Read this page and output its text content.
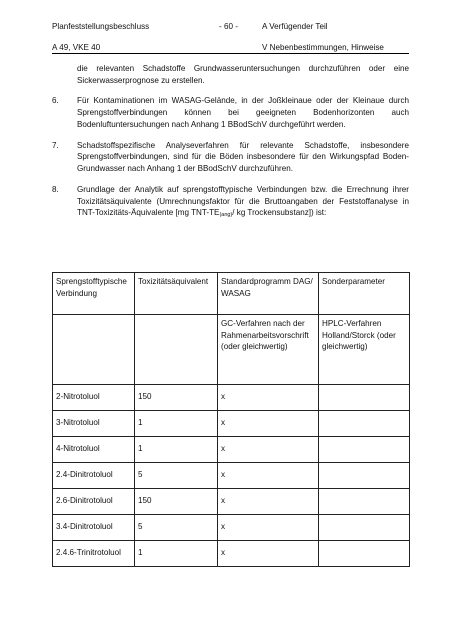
Planfeststellungsbeschluss	- 60 -	A Verfügender Teil
A 49, VKE 40	V Nebenbestimmungen, Hinweise

die relevanten Schadstoffe Grundwasseruntersuchungen durchzuführen oder eine Sickerwasserprognose zu erstellen.

6.	Für Kontaminationen im WASAG-Gelände, in der Joßkleinaue oder der Kleinaue durch Sprengstoffverbindungen können bei geeigneten Bodenhorizonten auch Bodenluftuntersuchungen nach Anhang 1 BBodSchV durchgeführt werden.
7.	Schadstoffspezifische Analyseverfahren für relevante Schadstoffe, insbesondere Sprengstoffverbindungen, sind für die Böden insbesondere für den Wirkungspfad Boden-Grundwasser nach Anhang 1 der BBodSchV durchzuführen.
8.	Grundlage der Analytik auf sprengstofftypische Verbindungen bzw. die Errechnung ihrer Toxizitätsäquivalente (Umrechnungsfaktor für die Bruttoangaben der Feststoffanalyse in TNT-Toxizitäts-Äquivalente [mg TNT-$TE_{(ang)}/$ kg Trockensubstanz]) ist:
Sprengstofftypische Verbindung	Toxizitätsäquivalent	Standardprogramm DAG/ WASAG	Sonderparameter
		GC-Verfahren nach der Rahmenarbeitsvorschrift (oder gleichwertig)	HPLC-Verfahren Holland/Storck (oder gleichwertig)
2-Nitrotoluol	150	x	
3-Nitrotoluol	1	x	
4-Nitrotoluol	1	x	
2.4-Dinitrotoluol	5	x	
2.6-Dinitrotoluol	150	x	
3.4-Dinitrotoluol	5	x	
2.4.6-Trinitrotoluol	1	x	
